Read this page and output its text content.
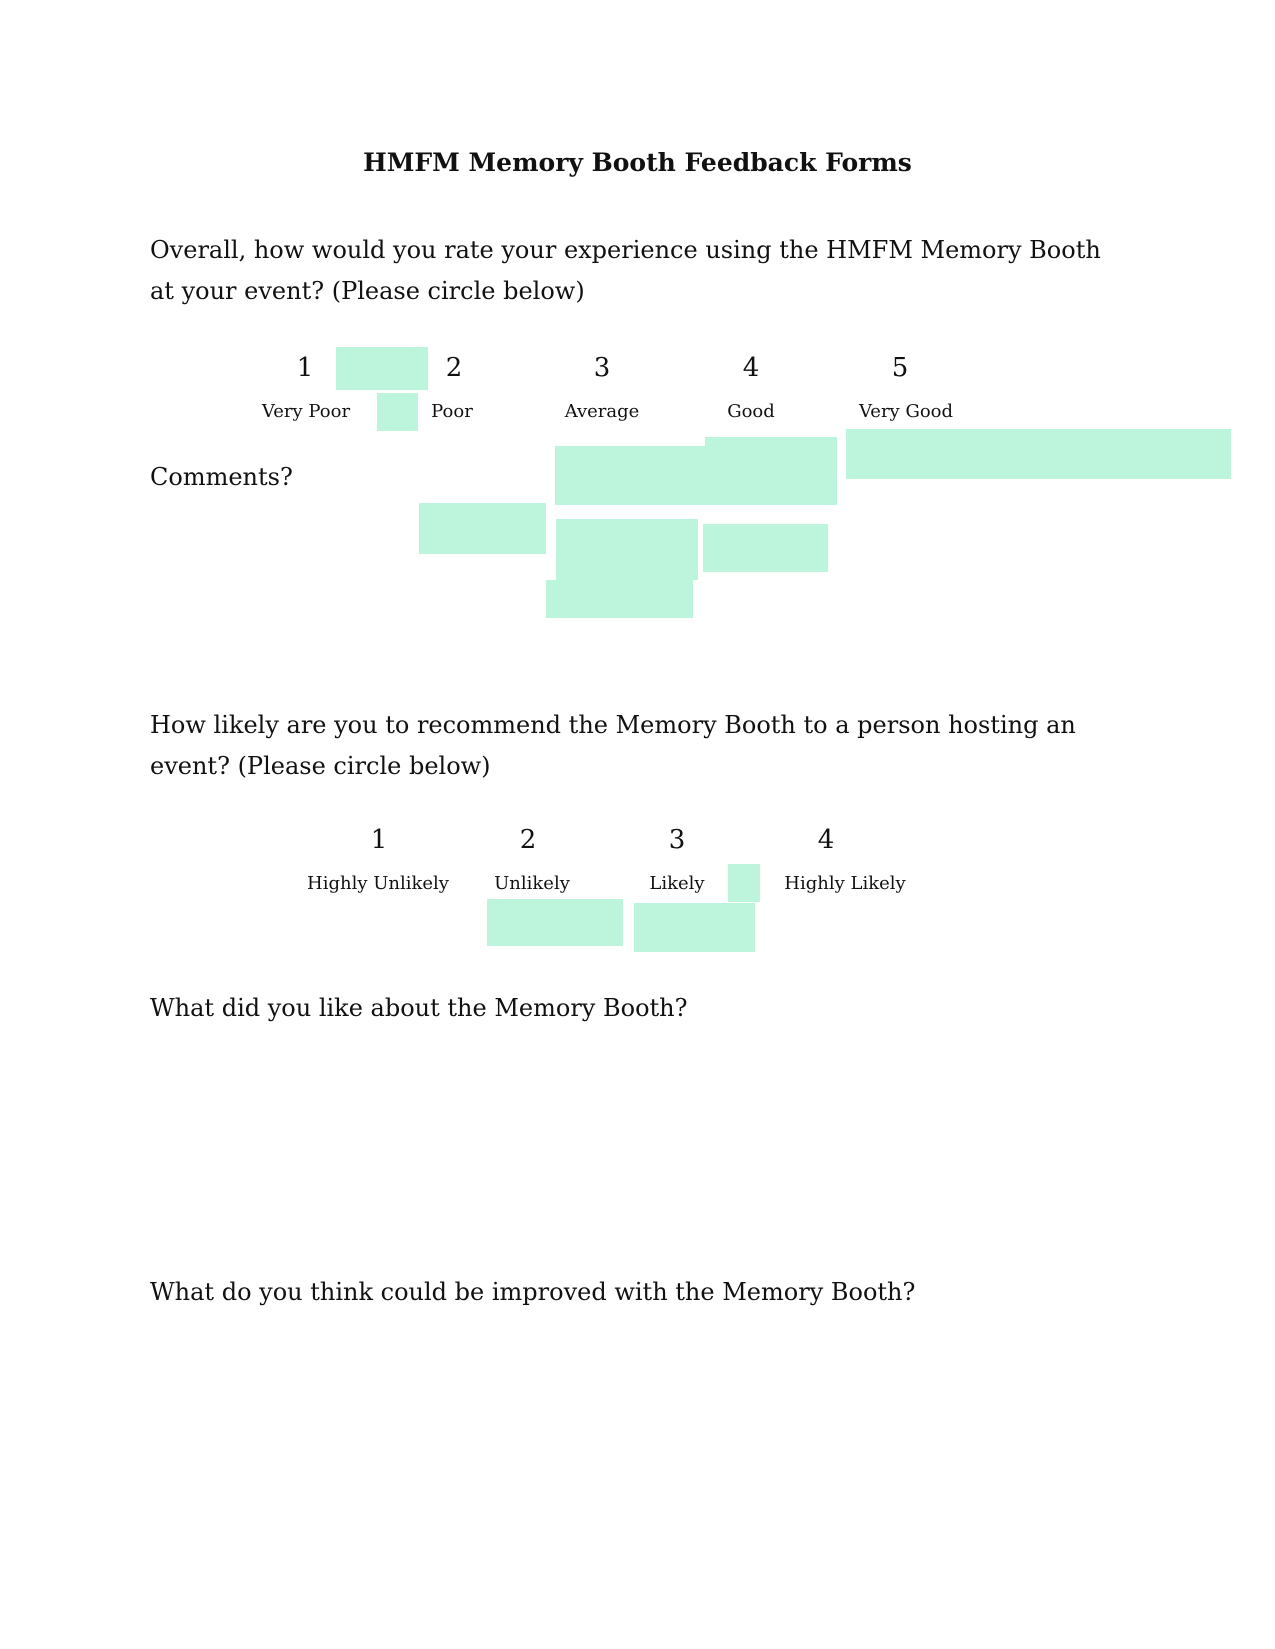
HMFM Memory Booth Feedback Forms
Overall, how would you rate your experience using the HMFM Memory Booth at your event? (Please circle below)
1	2	3	4	5
Very Poor	Poor	Average	Good	Very Good
Comments?
How likely are you to recommend the Memory Booth to a person hosting an event? (Please circle below)
1	2	3	4
Highly Unlikely	Unlikely	Likely	Highly Likely
What did you like about the Memory Booth?
What do you think could be improved with the Memory Booth?
